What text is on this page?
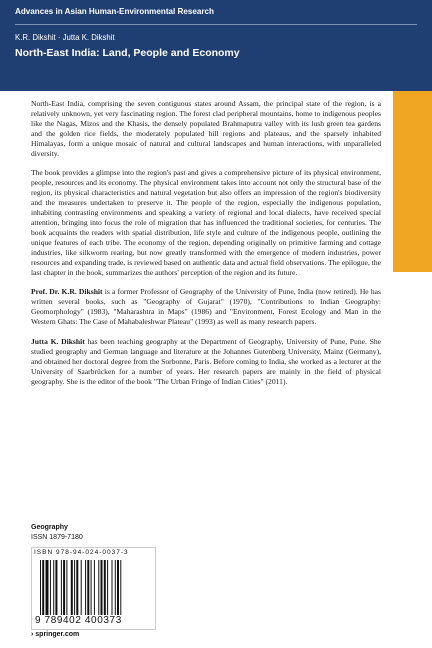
Advances in Asian Human-Environmental Research
K.R. Dikshit · Jutta K. Dikshit
North-East India: Land, People and Economy

North-East India, comprising the seven contiguous states around Assam, the principal state of the region, is a relatively unknown, yet very fascinating region. The forest clad peripheral mountains, home to indigenous peoples like the Nagas, Mizos and the Khasis, the densely populated Brahmaputra valley with its lush green tea gardens and the golden rice fields, the moderately populated hill regions and plateaus, and the sparsely inhabited Himalayas, form a unique mosaic of natural and cultural landscapes and human interactions, with unparalleled diversity.

The book provides a glimpse into the region's past and gives a comprehensive picture of its physical environment, people, resources and its economy. The physical environment takes into account not only the structural base of the region, its physical characteristics and natural vegetation but also offers an impression of the region's biodiversity and the measures undertaken to preserve it. The people of the region, especially the indigenous population, inhabiting contrasting environments and speaking a variety of regional and local dialects, have received special attention, bringing into focus the role of migration that has influenced the traditional societies, for centuries. The book acquaints the readers with spatial distribution, life style and culture of the indigenous people, outlining the unique features of each tribe. The economy of the region, depending originally on primitive farming and cottage industries, like silkworm rearing, but now greatly transformed with the emergence of modern industries, power resources and expanding trade, is reviewed based on authentic data and actual field observations. The epilogue, the last chapter in the book, summarizes the authors' perception of the region and its future.

Prof. Dr. K.R. Dikshit is a former Professor of Geography of the University of Pune, India (now retired). He has written several books, such as "Geography of Gujarat" (1970), "Contributions to Indian Geography: Geomorphology" (1983), "Maharashtra in Maps" (1986) and "Environment, Forest Ecology and Man in the Western Ghats: The Case of Mahabaleshwar Plateau" (1993) as well as many research papers.

Jutta K. Dikshit has been teaching geography at the Department of Geography, University of Pune, Pune. She studied geography and German language and literature at the Johannes Gutenberg University, Mainz (Germany), and obtained her doctoral degree from the Sorbonne, Paris. Before coming to India, she worked as a lecturer at the University of Saarbrücken for a number of years. Her research papers are mainly in the field of physical geography. She is the editor of the book "The Urban Fringe of Indian Cities" (2011).

Geography
ISSN 1879-7180
ISBN 978-94-024-0037-3
9 789402 400373
› springer.com
